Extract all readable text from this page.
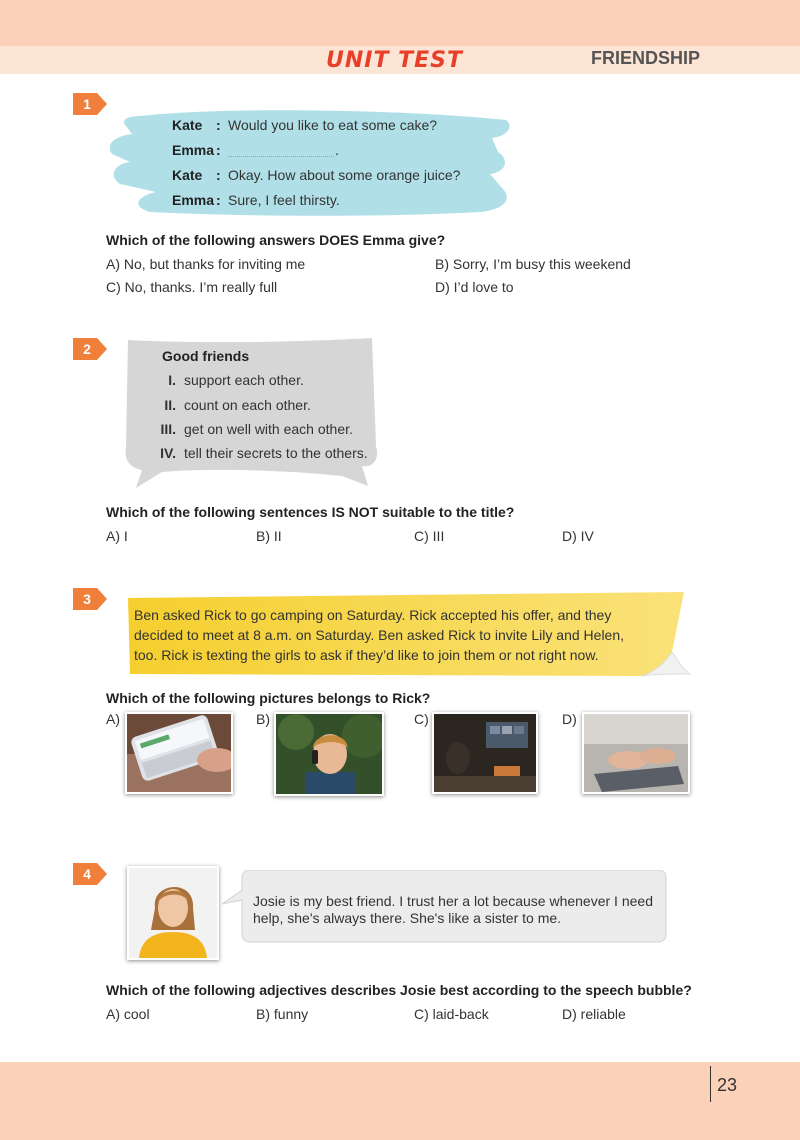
UNIT TEST	FRIENDSHIP
1
Kate : Would you like to eat some cake?
Emma :	.
Kate : Okay. How about some orange juice?
Emma : Sure, I feel thirsty.
Which of the following answers DOES Emma give?
A) No, but thanks for inviting me	B) Sorry, I’m busy this weekend
C) No, thanks. I’m really full	D) I’d love to
2	Good friends
I. support each other.
II. count on each other.
III. get on well with each other.
IV. tell their secrets to the others.
Which of the following sentences IS NOT suitable to the title?
A) I	B) II	C) III	D) IV
3
Ben asked Rick to go camping on Saturday. Rick accepted his offer, and they
decided to meet at 8 a.m. on Saturday. Ben asked Rick to invite Lily and Helen,
too. Rick is texting the girls to ask if they’d like to join them or not right now.
Which of the following pictures belongs to Rick?
A)	B)	C)	D)
4
Josie is my best friend. I trust her a lot because whenever I need
help, she's always there. She's like a sister to me.
Which of the following adjectives describes Josie best according to the speech bubble?
A) cool	B) funny	C) laid-back	D) reliable
23
